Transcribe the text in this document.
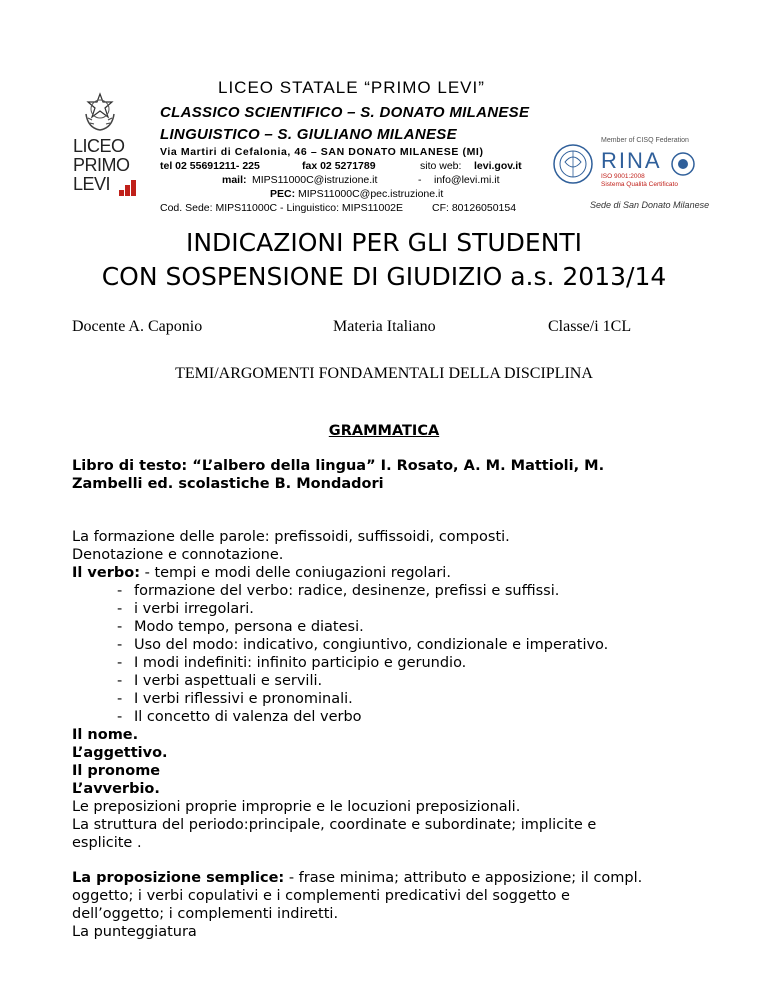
LICEO
PRIMO
LEVI
LICEO STATALE “PRIMO LEVI”
CLASSICO SCIENTIFICO – S. DONATO MILANESE
LINGUISTICO – S. GIULIANO MILANESE
Via Martiri di Cefalonia, 46 – SAN DONATO MILANESE (MI)
tel 02 55691211- 225	fax 02 5271789	sito web: levi.gov.it
mail: MIPS11000C@istruzione.it	- info@levi.mi.it
PEC: MIPS11000C@pec.istruzione.it
Cod. Sede: MIPS11000C - Linguistico: MIPS11002E	CF: 80126050154
Member of CISQ Federation
RINA
ISO 9001:2008
Sistema Qualità Certificato
Sede di San Donato Milanese
INDICAZIONI PER GLI STUDENTI
CON SOSPENSIONE DI GIUDIZIO a.s. 2013/14
Docente A. Caponio	Materia Italiano	Classe/i 1CL
TEMI/ARGOMENTI FONDAMENTALI DELLA DISCIPLINA
GRAMMATICA
Libro di testo: “L’albero della lingua” I. Rosato, A. M. Mattioli, M.
Zambelli ed. scolastiche B. Mondadori
La formazione delle parole: prefissoidi, suffissoidi, composti.
Denotazione e connotazione.
Il verbo: - tempi e modi delle coniugazioni regolari.
- formazione del verbo: radice, desinenze, prefissi e suffissi.
- i verbi irregolari.
- Modo tempo, persona e diatesi.
- Uso del modo: indicativo, congiuntivo, condizionale e imperativo.
- I modi indefiniti: infinito participio e gerundio.
- I verbi aspettuali e servili.
- I verbi riflessivi e pronominali.
- Il concetto di valenza del verbo
Il nome.
L’aggettivo.
Il pronome
L’avverbio.
Le preposizioni proprie improprie e le locuzioni preposizionali.
La struttura del periodo:principale, coordinate e subordinate; implicite e
esplicite .
La proposizione semplice: - frase minima; attributo e apposizione; il compl.
oggetto; i verbi copulativi e i complementi predicativi del soggetto e
dell’oggetto; i complementi indiretti.
La punteggiatura
